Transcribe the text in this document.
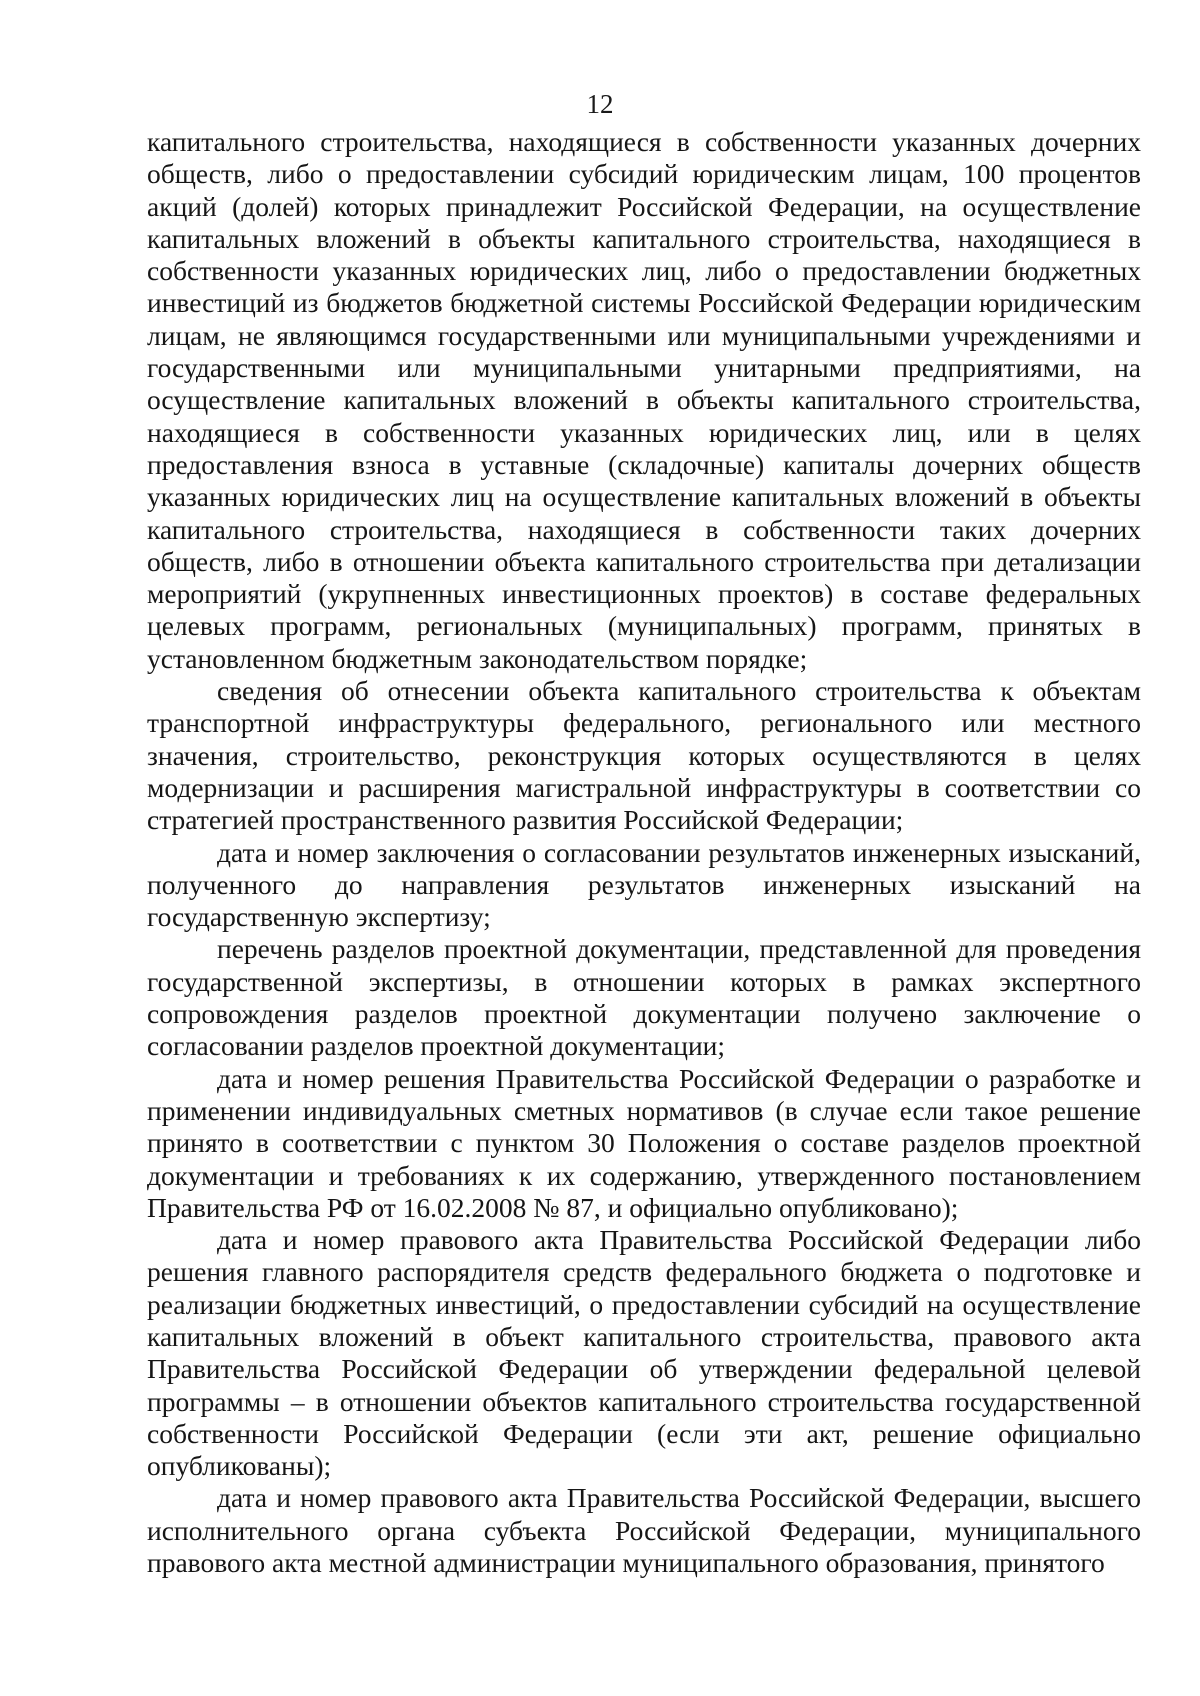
12

капитального строительства, находящиеся в собственности указанных дочерних обществ, либо о предоставлении субсидий юридическим лицам, 100 процентов акций (долей) которых принадлежит Российской Федерации, на осуществление капитальных вложений в объекты капитального строительства, находящиеся в собственности указанных юридических лиц, либо о предоставлении бюджетных инвестиций из бюджетов бюджетной системы Российской Федерации юридическим лицам, не являющимся государственными или муниципальными учреждениями и государственными или муниципальными унитарными предприятиями, на осуществление капитальных вложений в объекты капитального строительства, находящиеся в собственности указанных юридических лиц, или в целях предоставления взноса в уставные (складочные) капиталы дочерних обществ указанных юридических лиц на осуществление капитальных вложений в объекты капитального строительства, находящиеся в собственности таких дочерних обществ, либо в отношении объекта капитального строительства при детализации мероприятий (укрупненных инвестиционных проектов) в составе федеральных целевых программ, региональных (муниципальных) программ, принятых в установленном бюджетным законодательством порядке;

сведения об отнесении объекта капитального строительства к объектам транспортной инфраструктуры федерального, регионального или местного значения, строительство, реконструкция которых осуществляются в целях модернизации и расширения магистральной инфраструктуры в соответствии со стратегией пространственного развития Российской Федерации;

дата и номер заключения о согласовании результатов инженерных изысканий, полученного до направления результатов инженерных изысканий на государственную экспертизу;

перечень разделов проектной документации, представленной для проведения государственной экспертизы, в отношении которых в рамках экспертного сопровождения разделов проектной документации получено заключение о согласовании разделов проектной документации;

дата и номер решения Правительства Российской Федерации о разработке и применении индивидуальных сметных нормативов (в случае если такое решение принято в соответствии с пунктом 30 Положения о составе разделов проектной документации и требованиях к их содержанию, утвержденного постановлением Правительства РФ от 16.02.2008 № 87, и официально опубликовано);

дата и номер правового акта Правительства Российской Федерации либо решения главного распорядителя средств федерального бюджета о подготовке и реализации бюджетных инвестиций, о предоставлении субсидий на осуществление капитальных вложений в объект капитального строительства, правового акта Правительства Российской Федерации об утверждении федеральной целевой программы – в отношении объектов капитального строительства государственной собственности Российской Федерации (если эти акт, решение официально опубликованы);

дата и номер правового акта Правительства Российской Федерации, высшего исполнительного органа субъекта Российской Федерации, муниципального правового акта местной администрации муниципального образования, принятого
